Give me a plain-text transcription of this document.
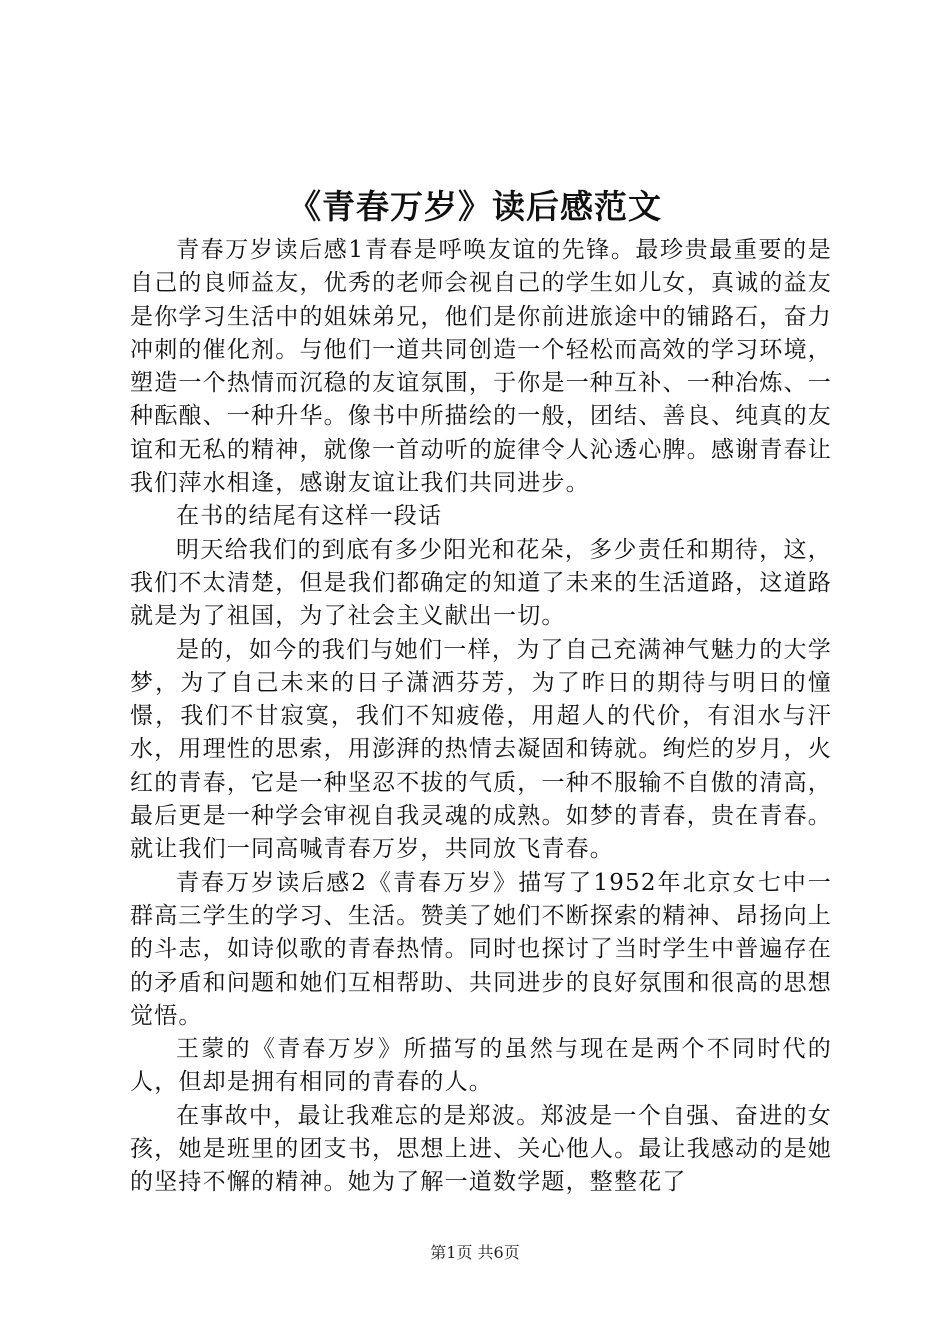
《青春万岁》读后感范文

青春万岁读后感1青春是呼唤友谊的先锋。最珍贵最重要的是自己的良师益友，优秀的老师会视自己的学生如儿女，真诚的益友是你学习生活中的姐妹弟兄，他们是你前进旅途中的铺路石，奋力冲刺的催化剂。与他们一道共同创造一个轻松而高效的学习环境，塑造一个热情而沉稳的友谊氛围，于你是一种互补、一种冶炼、一种酝酿、一种升华。像书中所描绘的一般，团结、善良、纯真的友谊和无私的精神，就像一首动听的旋律令人沁透心脾。感谢青春让我们萍水相逢，感谢友谊让我们共同进步。

在书的结尾有这样一段话

明天给我们的到底有多少阳光和花朵，多少责任和期待，这，我们不太清楚，但是我们都确定的知道了未来的生活道路，这道路就是为了祖国，为了社会主义献出一切。

是的，如今的我们与她们一样，为了自己充满神气魅力的大学梦，为了自己未来的日子潇洒芬芳，为了昨日的期待与明日的憧憬，我们不甘寂寞，我们不知疲倦，用超人的代价，有泪水与汗水，用理性的思索，用澎湃的热情去凝固和铸就。绚烂的岁月，火红的青春，它是一种坚忍不拔的气质，一种不服输不自傲的清高，最后更是一种学会审视自我灵魂的成熟。如梦的青春，贵在青春。就让我们一同高喊青春万岁，共同放飞青春。

青春万岁读后感2《青春万岁》描写了1952年北京女七中一群高三学生的学习、生活。赞美了她们不断探索的精神、昂扬向上的斗志，如诗似歌的青春热情。同时也探讨了当时学生中普遍存在的矛盾和问题和她们互相帮助、共同进步的良好氛围和很高的思想觉悟。

王蒙的《青春万岁》所描写的虽然与现在是两个不同时代的人，但却是拥有相同的青春的人。

在事故中，最让我难忘的是郑波。郑波是一个自强、奋进的女孩，她是班里的团支书，思想上进、关心他人。最让我感动的是她的坚持不懈的精神。她为了解一道数学题，整整花了

第1页 共6页
